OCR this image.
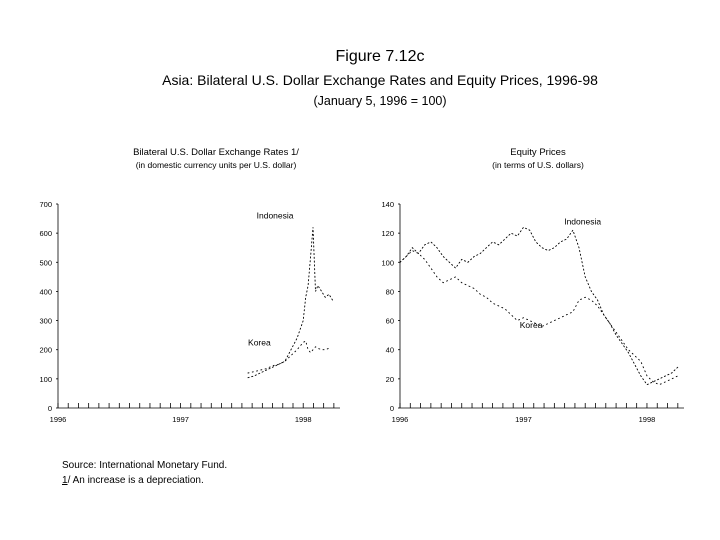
Figure 7.12c
Asia: Bilateral U.S. Dollar Exchange Rates and Equity Prices, 1996-98
(January 5, 1996 = 100)
Bilateral U.S. Dollar Exchange Rates 1/
(in domestic currency units per U.S. dollar)
Equity Prices
(in terms of U.S. dollars)
0
100
200
300
400
500
600
700
1996	1997	1998
Indonesia
Korea
0
20
40
60
80
100
120
140
1996	1997	1998
Indonesia
Korea
Source: International Monetary Fund.
1/ An increase is a depreciation.
